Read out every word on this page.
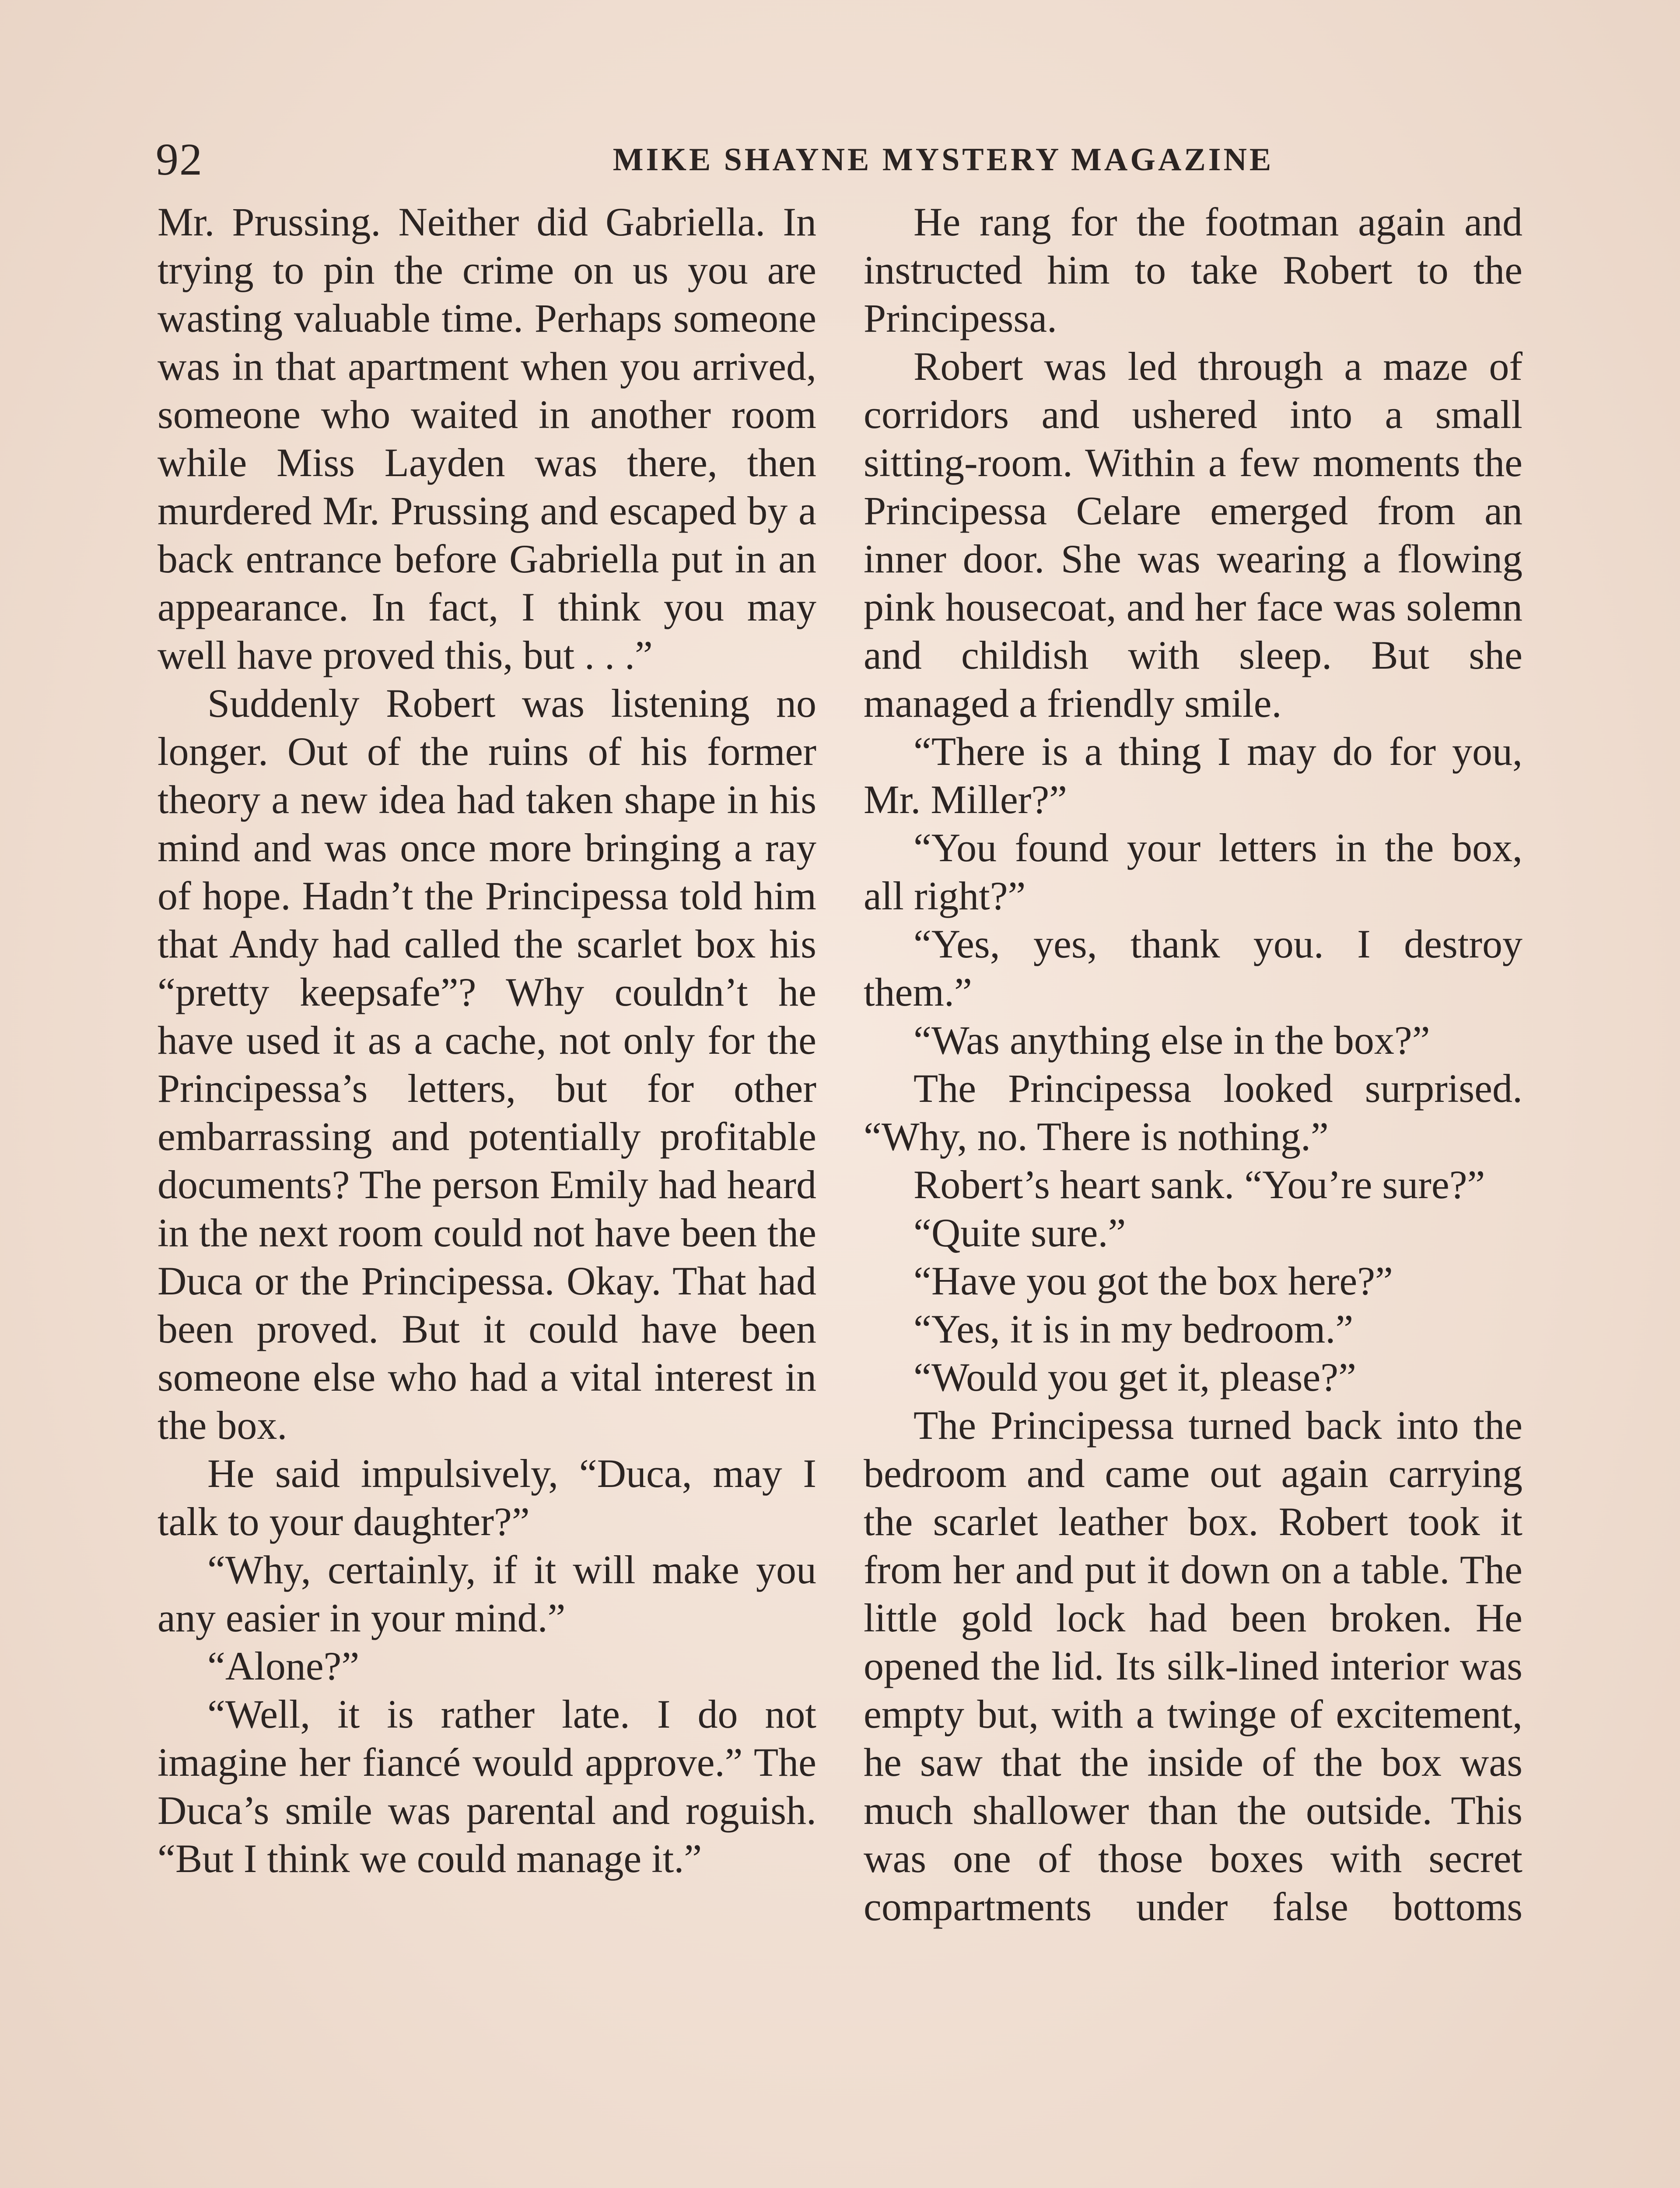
92	MIKE SHAYNE MYSTERY MAGAZINE

Mr. Prussing. Neither did Gabriella. In trying to pin the crime on us you are wasting valuable time. Perhaps someone was in that apartment when you arrived, someone who waited in another room while Miss Layden was there, then murdered Mr. Prussing and escaped by a back entrance before Gabriella put in an appearance. In fact, I think you may well have proved this, but . . .”

Suddenly Robert was listening no longer. Out of the ruins of his former theory a new idea had taken shape in his mind and was once more bringing a ray of hope. Hadn’t the Principessa told him that Andy had called the scarlet box his “pretty keepsafe”? Why couldn’t he have used it as a cache, not only for the Principessa’s letters, but for other embarrassing and potentially profitable documents? The person Emily had heard in the next room could not have been the Duca or the Principessa. Okay. That had been proved. But it could have been someone else who had a vital interest in the box.

He said impulsively, “Duca, may I talk to your daughter?”

“Why, certainly, if it will make you any easier in your mind.”

“Alone?”

“Well, it is rather late. I do not imagine her fiancé would approve.” The Duca’s smile was parental and roguish. “But I think we could manage it.”

He rang for the footman again and instructed him to take Robert to the Principessa.

Robert was led through a maze of corridors and ushered into a small sitting-room. Within a few moments the Principessa Celare emerged from an inner door. She was wearing a flowing pink housecoat, and her face was solemn and childish with sleep. But she managed a friendly smile.

“There is a thing I may do for you, Mr. Miller?”

“You found your letters in the box, all right?”

“Yes, yes, thank you. I destroy them.”

“Was anything else in the box?”

The Principessa looked surprised. “Why, no. There is nothing.”

Robert’s heart sank. “You’re sure?”

“Quite sure.”

“Have you got the box here?”

“Yes, it is in my bedroom.”

“Would you get it, please?”

The Principessa turned back into the bedroom and came out again carrying the scarlet leather box. Robert took it from her and put it down on a table. The little gold lock had been broken. He opened the lid. Its silk-lined interior was empty but, with a twinge of excitement, he saw that the inside of the box was much shallower than the outside. This was one of those boxes with secret compartments under false bottoms
